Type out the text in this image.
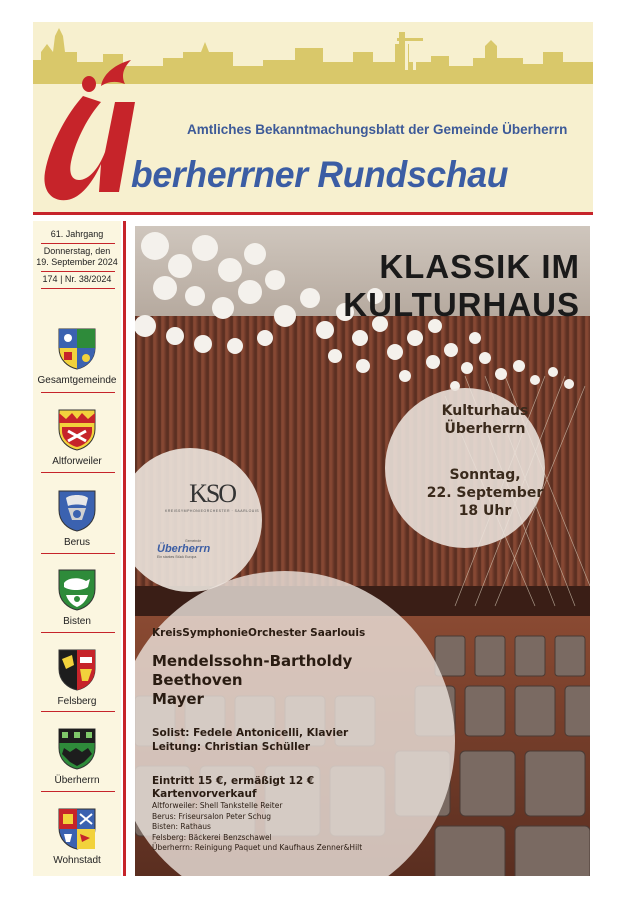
Amtliches Bekanntmachungsblatt der Gemeinde Überherrn
berherrner Rundschau
61. Jahrgang
Donnerstag, den
19. September 2024
174 | Nr. 38/2024
Gesamtgemeinde
Altforweiler
Berus
Bisten
Felsberg
Überherrn
Wohnstadt
KLASSIK IM
KULTURHAUS
Kulturhaus
Überherrn
Sonntag,
22. September
18 Uhr
KSO
KREISSYMPHONIEORCHESTER · SAARLOUIS
Gemeinde
Überherrn
Ein starkes Stück Europa
KreisSymphonieOrchester Saarlouis
Mendelssohn-Bartholdy
Beethoven
Mayer
Solist: Fedele Antonicelli, Klavier
Leitung: Christian Schüller
Eintritt 15 €, ermäßigt 12 €
Kartenvorverkauf
Altforweiler: Shell Tankstelle Reiter
Berus: Friseursalon Peter Schug
Bisten: Rathaus
Felsberg: Bäckerei Benzschawel
Überherrn: Reinigung Paquet und Kaufhaus Zenner&Hilt
